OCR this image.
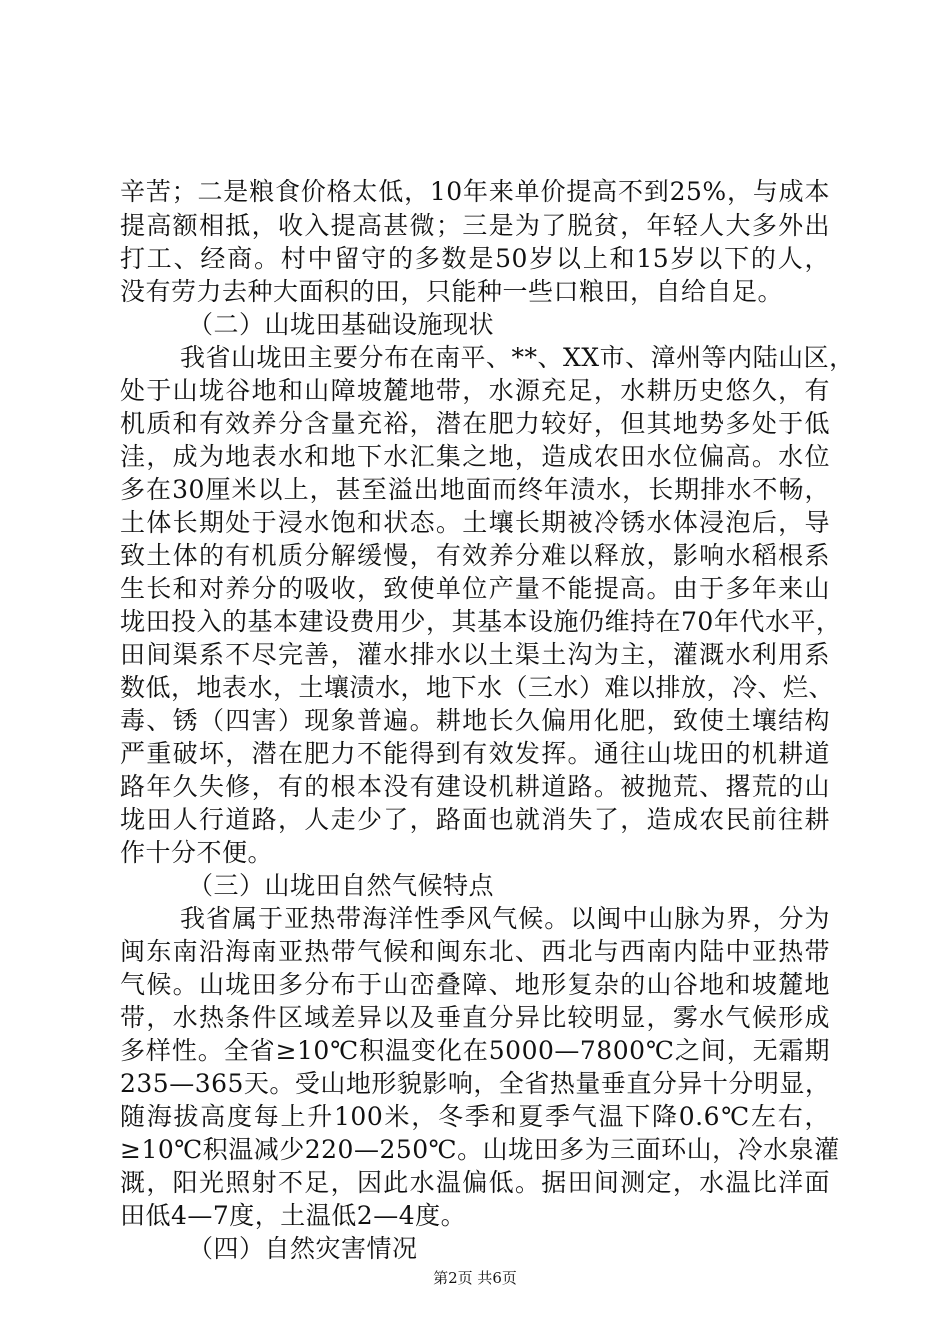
辛苦；二是粮食价格太低，10年来单价提高不到25%，与成本
提高额相抵，收入提高甚微；三是为了脱贫，年轻人大多外出
打工、经商。村中留守的多数是50岁以上和15岁以下的人，
没有劳力去种大面积的田，只能种一些口粮田，自给自足。
（二）山垅田基础设施现状
我省山垅田主要分布在南平、**、XX市、漳州等内陆山区，
处于山垅谷地和山障坡麓地带，水源充足，水耕历史悠久，有
机质和有效养分含量充裕，潜在肥力较好，但其地势多处于低
洼，成为地表水和地下水汇集之地，造成农田水位偏高。水位
多在30厘米以上，甚至溢出地面而终年渍水，长期排水不畅，
土体长期处于浸水饱和状态。土壤长期被冷锈水体浸泡后，导
致土体的有机质分解缓慢，有效养分难以释放，影响水稻根系
生长和对养分的吸收，致使单位产量不能提高。由于多年来山
垅田投入的基本建设费用少，其基本设施仍维持在70年代水平，
田间渠系不尽完善，灌水排水以土渠土沟为主，灌溉水利用系
数低，地表水，土壤渍水，地下水（三水）难以排放，冷、烂、
毒、锈（四害）现象普遍。耕地长久偏用化肥，致使土壤结构
严重破坏，潜在肥力不能得到有效发挥。通往山垅田的机耕道
路年久失修，有的根本没有建设机耕道路。被抛荒、撂荒的山
垅田人行道路，人走少了，路面也就消失了，造成农民前往耕
作十分不便。
（三）山垅田自然气候特点
我省属于亚热带海洋性季风气候。以闽中山脉为界，分为
闽东南沿海南亚热带气候和闽东北、西北与西南内陆中亚热带
气候。山垅田多分布于山峦叠障、地形复杂的山谷地和坡麓地
带，水热条件区域差异以及垂直分异比较明显，雾水气候形成
多样性。全省≥10℃积温变化在5000—7800℃之间，无霜期
235—365天。受山地形貌影响，全省热量垂直分异十分明显，
随海拔高度每上升100米，冬季和夏季气温下降0.6℃左右，
≥10℃积温减少220—250℃。山垅田多为三面环山，冷水泉灌
溉，阳光照射不足，因此水温偏低。据田间测定，水温比洋面
田低4—7度，土温低2—4度。
（四）自然灾害情况
第2页 共6页
